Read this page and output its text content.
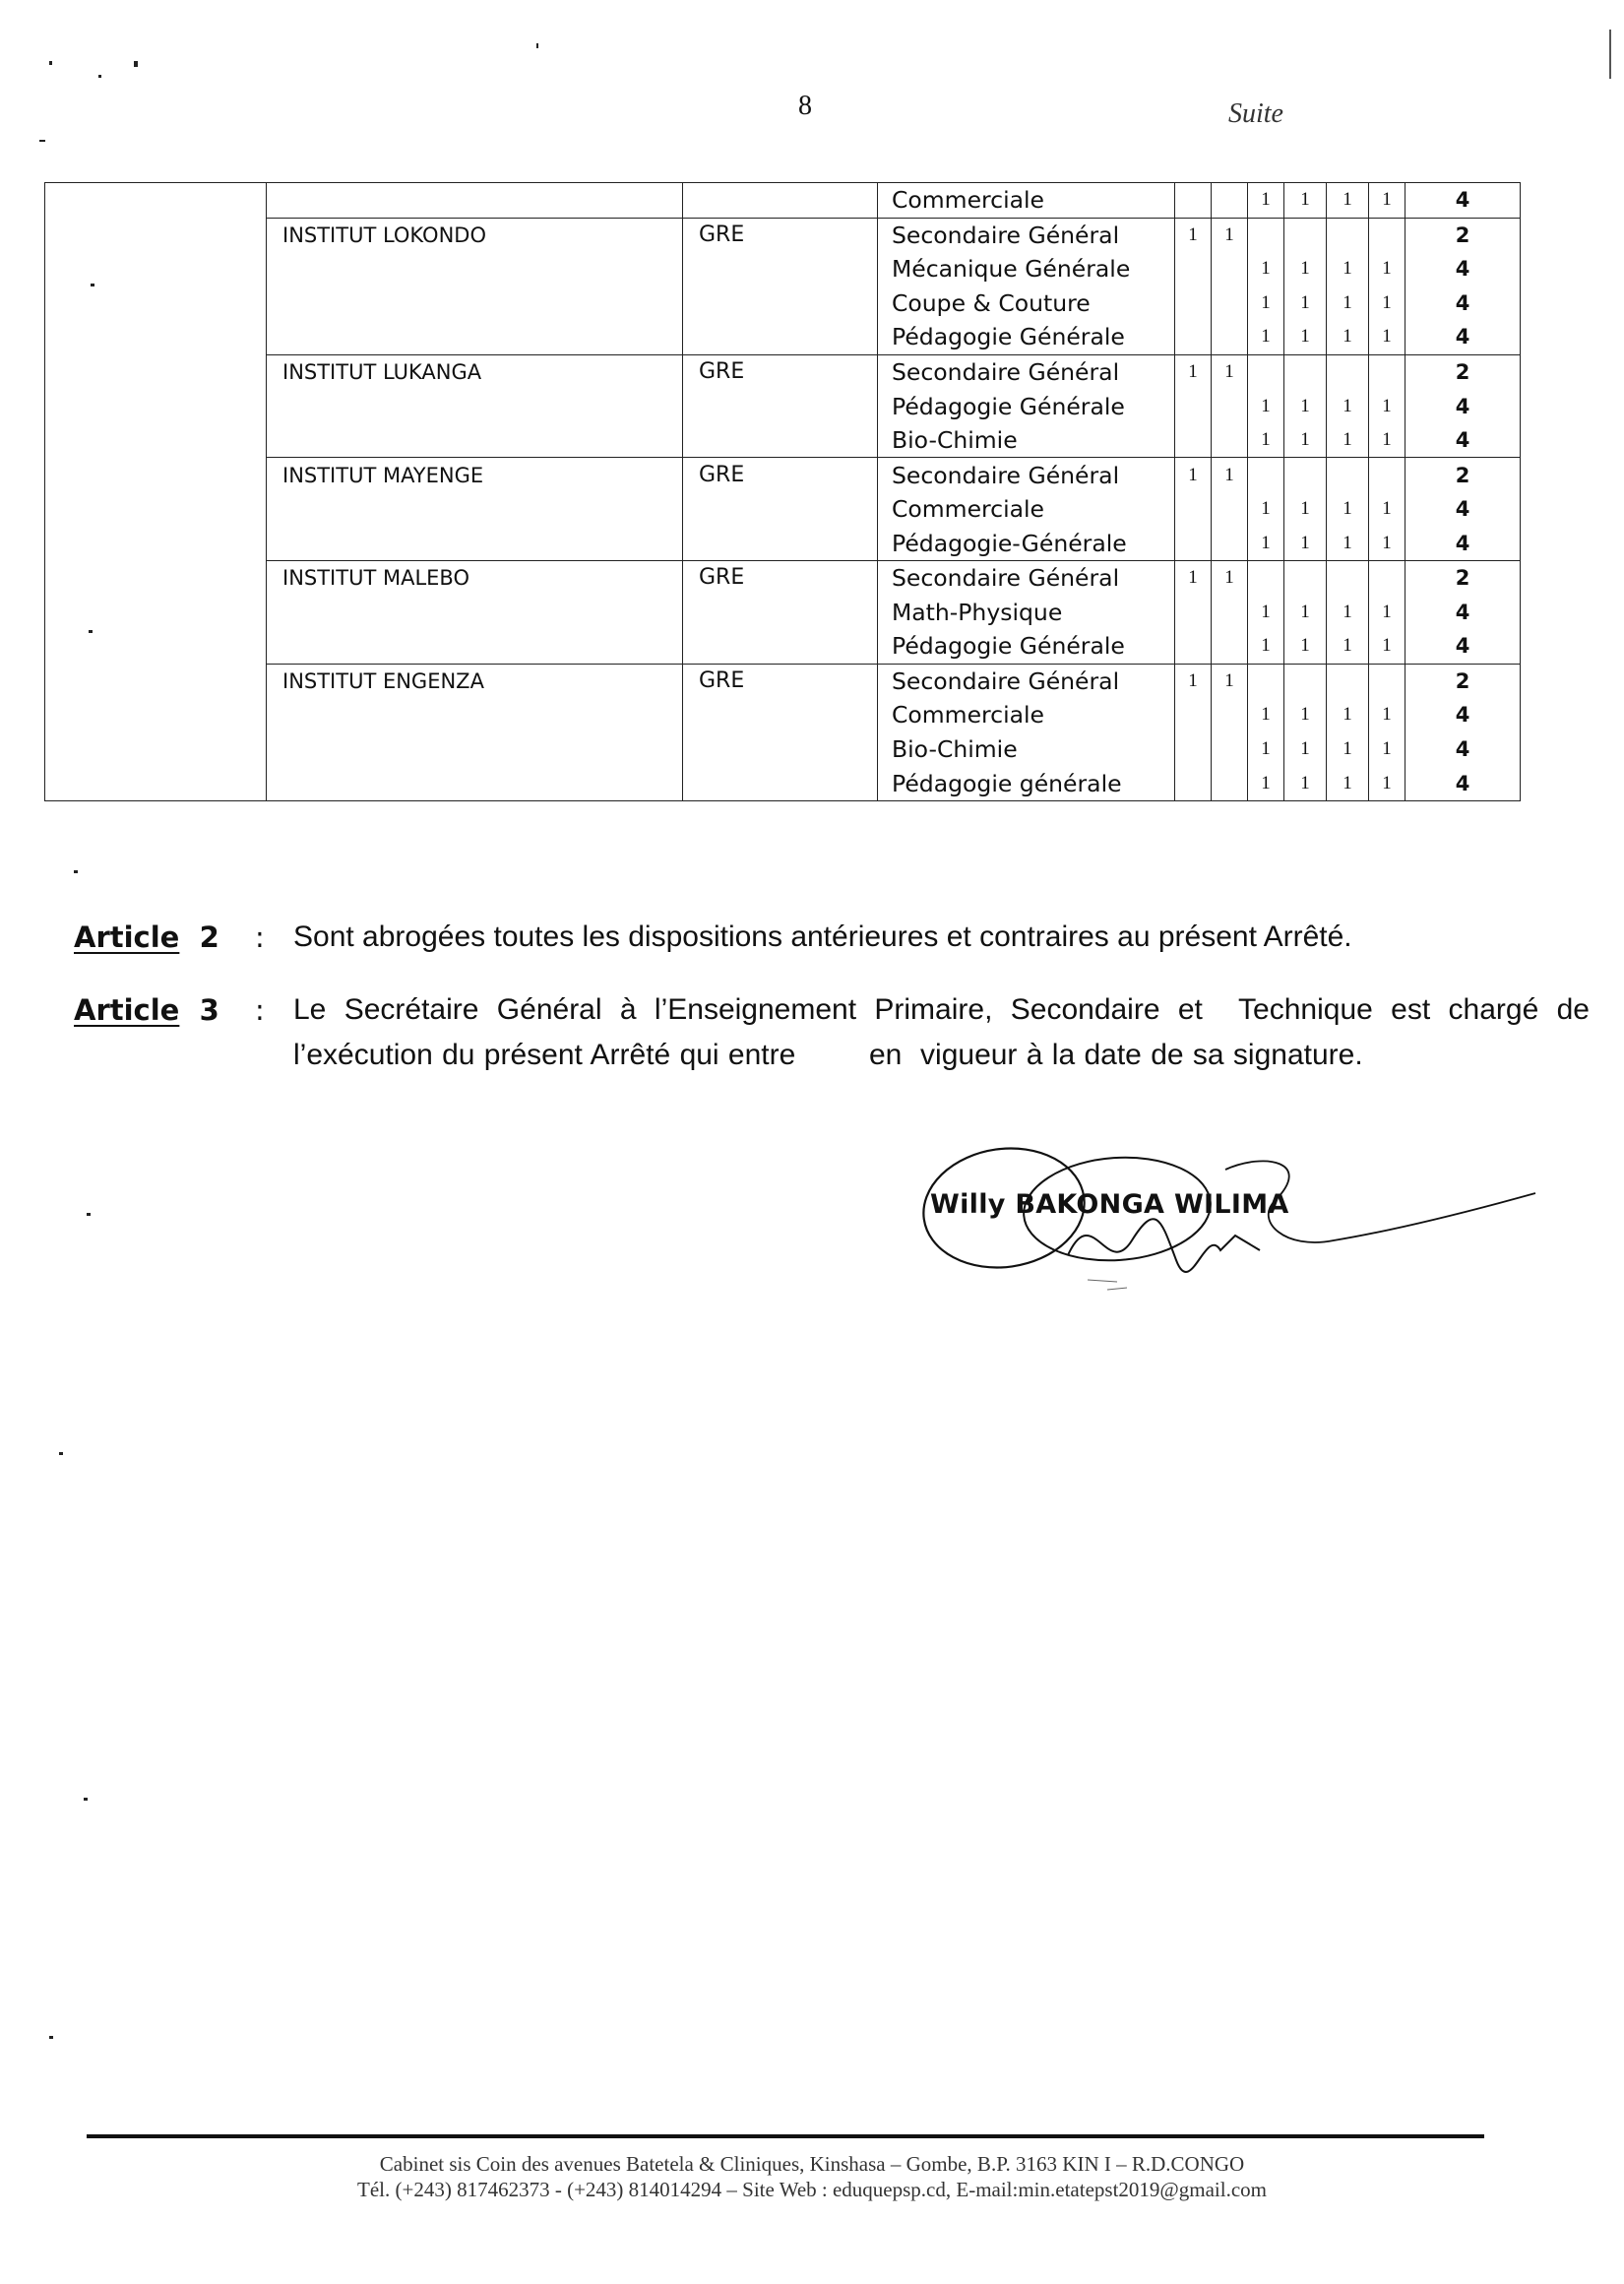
8	Suite
			Commerciale			1	1	1	1	4
	INSTITUT LOKONDO	GRE	Secondaire Général	1	1					2
			Mécanique Générale			1	1	1	1	4
			Coupe & Couture			1	1	1	1	4
			Pédagogie Générale			1	1	1	1	4
	INSTITUT LUKANGA	GRE	Secondaire Général	1	1					2
			Pédagogie Générale			1	1	1	1	4
			Bio-Chimie			1	1	1	1	4
	INSTITUT MAYENGE	GRE	Secondaire Général	1	1					2
			Commerciale			1	1	1	1	4
			Pédagogie-Générale			1	1	1	1	4
	INSTITUT MALEBO	GRE	Secondaire Général	1	1					2
			Math-Physique			1	1	1	1	4
			Pédagogie Générale			1	1	1	1	4
	INSTITUT ENGENZA	GRE	Secondaire Général	1	1					2
			Commerciale			1	1	1	1	4
			Bio-Chimie			1	1	1	1	4
			Pédagogie générale			1	1	1	1	4
Article 2 : Sont abrogées toutes les dispositions antérieures et contraires au présent Arrêté.
Article 3 : Le Secrétaire Général à l’Enseignement Primaire, Secondaire et  Technique est chargé de l’exécution du présent Arrêté qui entre        en  vigueur à la date de sa signature.
Willy BAKONGA WILIMA
Cabinet sis Coin des avenues Batetela & Cliniques, Kinshasa – Gombe, B.P. 3163 KIN I – R.D.CONGO
Tél. (+243) 817462373 - (+243) 814014294 – Site Web : eduquepsp.cd, E-mail:min.etatepst2019@gmail.com
